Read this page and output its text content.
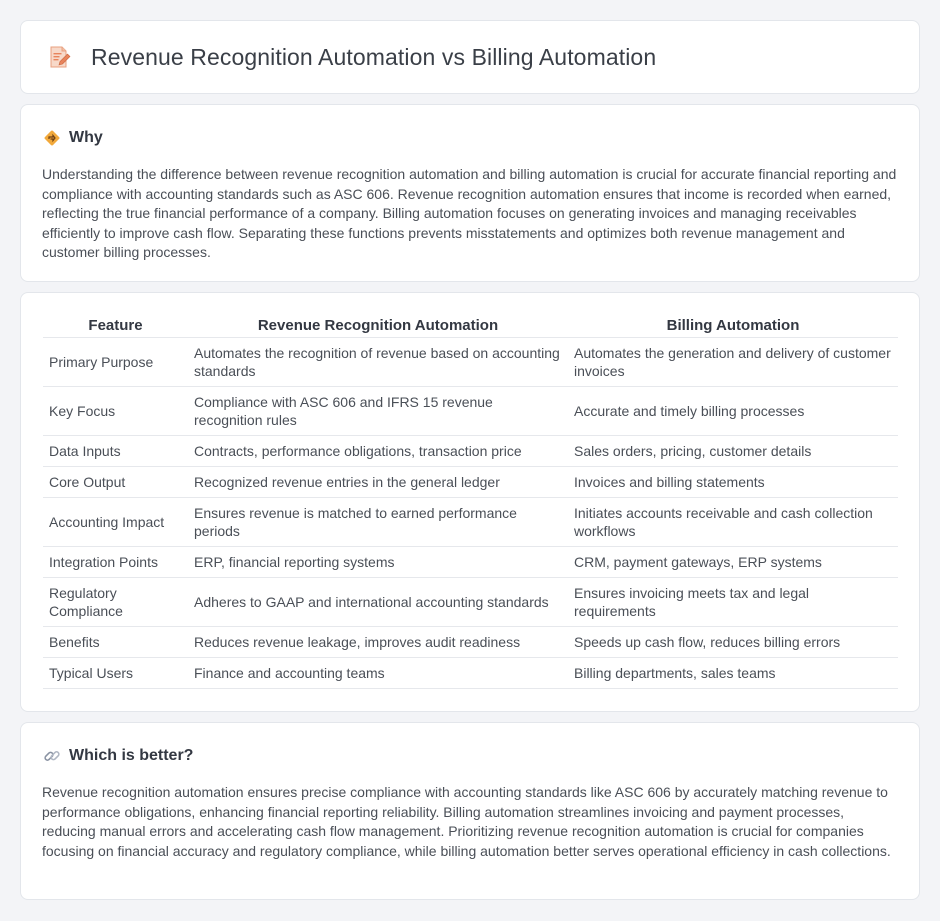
Revenue Recognition Automation vs Billing Automation
Why

Understanding the difference between revenue recognition automation and billing automation is crucial for accurate financial reporting and compliance with accounting standards such as ASC 606. Revenue recognition automation ensures that income is recorded when earned, reflecting the true financial performance of a company. Billing automation focuses on generating invoices and managing receivables efficiently to improve cash flow. Separating these functions prevents misstatements and optimizes both revenue management and customer billing processes.

Feature	Revenue Recognition Automation	Billing Automation
Primary Purpose	Automates the recognition of revenue based on accounting standards	Automates the generation and delivery of customer invoices
Key Focus	Compliance with ASC 606 and IFRS 15 revenue recognition rules	Accurate and timely billing processes
Data Inputs	Contracts, performance obligations, transaction price	Sales orders, pricing, customer details
Core Output	Recognized revenue entries in the general ledger	Invoices and billing statements
Accounting Impact	Ensures revenue is matched to earned performance periods	Initiates accounts receivable and cash collection workflows
Integration Points	ERP, financial reporting systems	CRM, payment gateways, ERP systems
Regulatory Compliance	Adheres to GAAP and international accounting standards	Ensures invoicing meets tax and legal requirements
Benefits	Reduces revenue leakage, improves audit readiness	Speeds up cash flow, reduces billing errors
Typical Users	Finance and accounting teams	Billing departments, sales teams
Which is better?

Revenue recognition automation ensures precise compliance with accounting standards like ASC 606 by accurately matching revenue to performance obligations, enhancing financial reporting reliability. Billing automation streamlines invoicing and payment processes, reducing manual errors and accelerating cash flow management. Prioritizing revenue recognition automation is crucial for companies focusing on financial accuracy and regulatory compliance, while billing automation better serves operational efficiency in cash collections.
